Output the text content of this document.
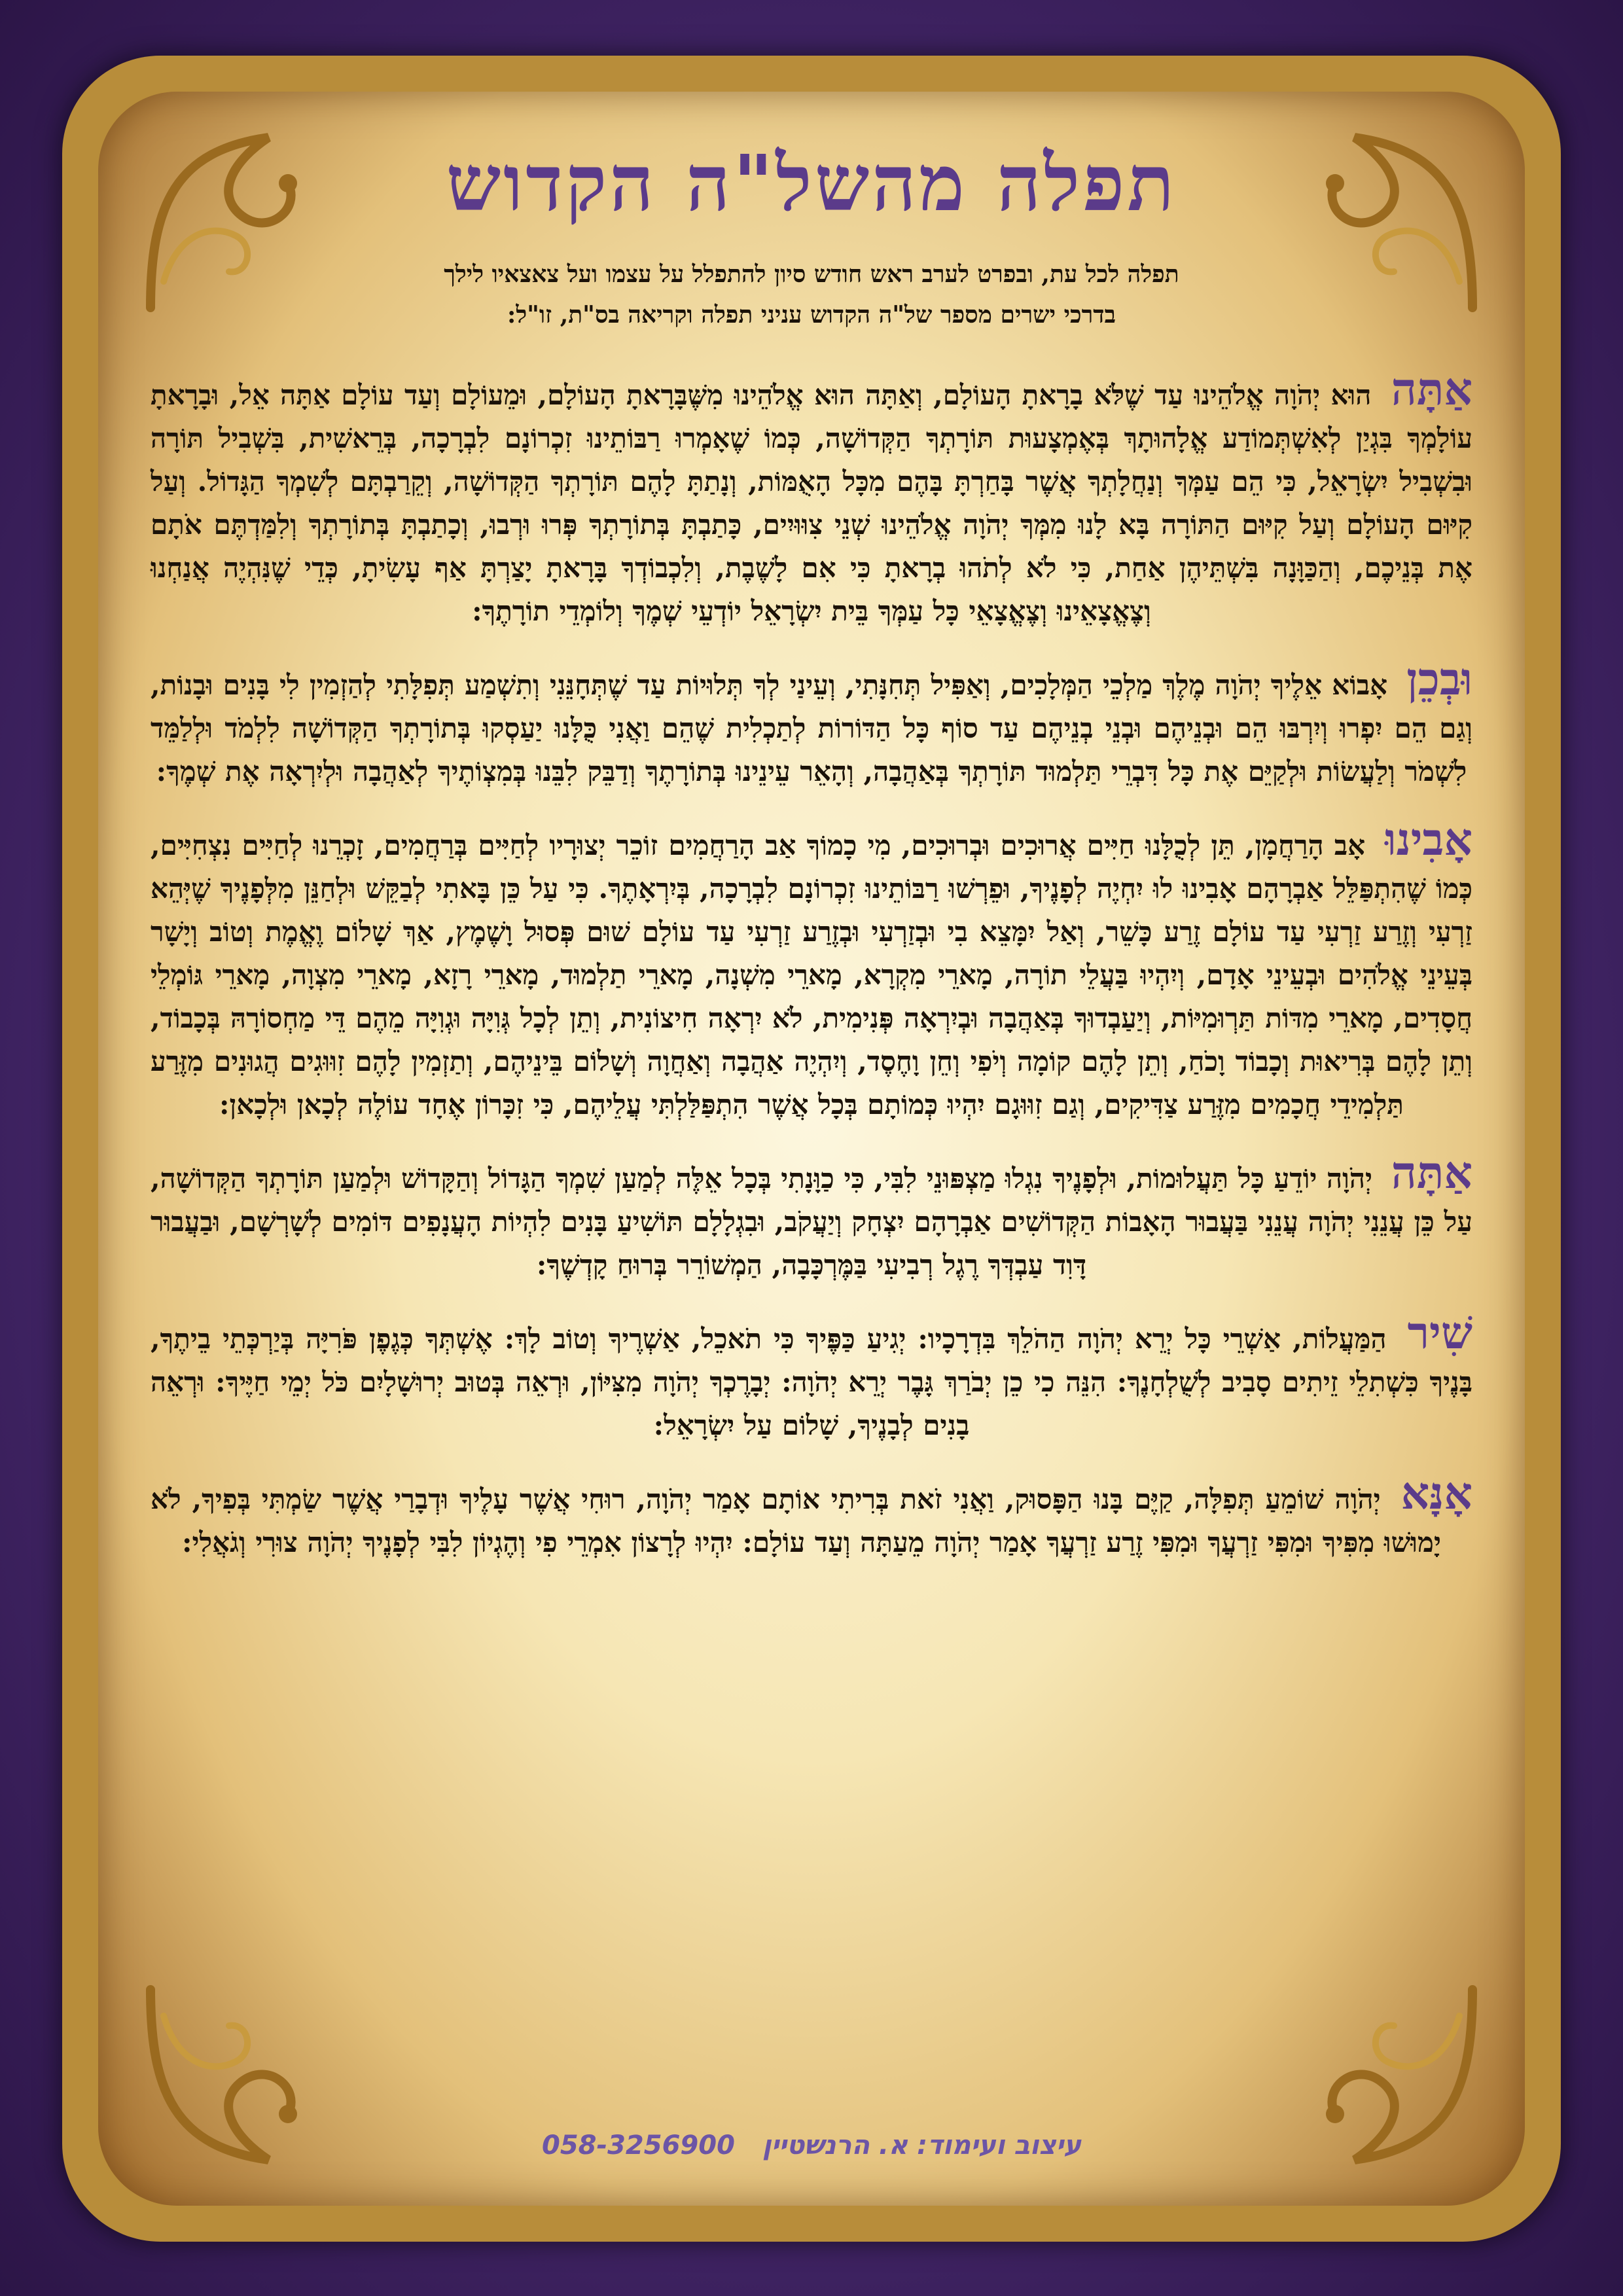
תפלה מהשל"ה הקדוש
תפלה לכל עת, ובפרט לערב ראש חודש סיון להתפלל על עצמו ועל צאצאיו לילך
בדרכי ישרים מספר של"ה הקדוש עניני תפלה וקריאה בס"ת, זו"ל:

אַתָּה הוּא יְהֹוָה אֱלֹהֵינוּ עַד שֶׁלֹּא בָרָאתָ הָעוֹלָם, וְאַתָּה הוּא אֱלֹהֵינוּ מִשֶּׁבָּרָאתָ הָעוֹלָם, וּמֵעוֹלָם וְעַד עוֹלָם אַתָּה אֵל, וּבָרָאתָ עוֹלָמְךָ בִּגְיַן לְאִשְׁתְּמוֹדַע אֱלָהוּתָךְ בְּאֶמְצָעוּת תּוֹרָתְךָ הַקְּדוֹשָׁה, כְּמוֹ שֶׁאָמְרוּ רַבּוֹתֵינוּ זִכְרוֹנָם לִבְרָכָה, בְּרֵאשִׁית, בִּשְׁבִיל תּוֹרָה וּבִשְׁבִיל יִשְׂרָאֵל, כִּי הֵם עַמְּךָ וְנַחֲלָתְךָ אֲשֶׁר בָּחַרְתָּ בָּהֶם מִכָּל הָאֻמּוֹת, וְנָתַתָּ לָהֶם תּוֹרָתְךָ הַקְּדוֹשָׁה, וְקֵרַבְתָּם לְשִׁמְךָ הַגָּדוֹל. וְעַל קִיּוּם הָעוֹלָם וְעַל קִיּוּם הַתּוֹרָה בָּא לָנוּ מִמְּךָ יְהֹוָה אֱלֹהֵינוּ שְׁנֵי צִוּוּיִים, כָּתַבְתָּ בְּתוֹרָתְךָ פְּרוּ וּרְבוּ, וְכָתַבְתָּ בְּתוֹרָתְךָ וְלִמַּדְתֶּם אֹתָם אֶת בְּנֵיכֶם, וְהַכַּוָּנָה בִּשְׁתֵּיהֶן אַחַת, כִּי לֹא לְתֹהוּ בְרָאתָ כִּי אִם לָשֶׁבֶת, וְלִכְבוֹדְךָ בָּרָאתָ יָצַרְתָּ אַף עָשִׂיתָ, כְּדֵי שֶׁנִּהְיֶה אֲנַחְנוּ וְצֶאֱצָאֵינוּ וְצֶאֱצָאֵי כָּל עַמְּךָ בֵּית יִשְׂרָאֵל יוֹדְעֵי שְׁמֶךָ וְלוֹמְדֵי תוֹרָתֶךָ:

וּבְכֵן אָבוֹא אֵלֶיךָ יְהֹוָה מֶלֶךְ מַלְכֵי הַמְּלָכִים, וְאַפִּיל תְּחִנָּתִי, וְעֵינַי לְךָ תְּלוּיוֹת עַד שֶׁתְּחָנֵּנִי וְתִשְׁמַע תְּפִלָּתִי לְהַזְמִין לִי בָּנִים וּבָנוֹת, וְגַם הֵם יִפְרוּ וְיִרְבּוּ הֵם וּבְנֵיהֶם וּבְנֵי בְנֵיהֶם עַד סוֹף כָּל הַדּוֹרוֹת לְתַכְלִית שֶׁהֵם וַאֲנִי כֻּלָּנוּ יַעַסְקוּ בְּתוֹרָתְךָ הַקְּדוֹשָׁה לִלְמֹד וּלְלַמֵּד לִשְׁמֹר וְלַעֲשׂוֹת וּלְקַיֵּם אֶת כָּל דִּבְרֵי תַּלְמוּד תּוֹרָתְךָ בְּאַהֲבָה, וְהָאֵר עֵינֵינוּ בְּתוֹרָתֶךָ וְדַבֵּק לִבֵּנוּ בְּמִצְוֹתֶיךָ לְאַהֲבָה וּלְיִרְאָה אֶת שְׁמֶךָ:

אָבִינוּ אָב הָרַחֲמָן, תֵּן לְכֻלָּנוּ חַיִּים אֲרוּכִים וּבְרוּכִים, מִי כָמוֹךָ אַב הָרַחֲמִים זוֹכֵר יְצוּרָיו לְחַיִּים בְּרַחֲמִים, זָכְרֵנוּ לְחַיִּים נִצְחִיִּים, כְּמוֹ שֶׁהִתְפַּלֵּל אַבְרָהָם אָבִינוּ לוּ יִחְיֶה לְפָנֶיךָ, וּפֵרְשׁוּ רַבּוֹתֵינוּ זִכְרוֹנָם לִבְרָכָה, בְּיִרְאָתֶךָ. כִּי עַל כֵּן בָּאתִי לְבַקֵּשׁ וּלְחַנֵּן מִלְּפָנֶיךָ שֶׁיְּהֵא זַרְעִי וְזֶרַע זַרְעִי עַד עוֹלָם זֶרַע כָּשֵׁר, וְאַל יִמָּצֵא בִי וּבְזַרְעִי וּבְזֶרַע זַרְעִי עַד עוֹלָם שׁוּם פְּסוּל וָשֶׁמֶץ, אַךְ שָׁלוֹם וֶאֱמֶת וְטוֹב וְיָשָׁר בְּעֵינֵי אֱלֹהִים וּבְעֵינֵי אָדָם, וְיִהְיוּ בַּעֲלֵי תוֹרָה, מָארֵי מִקְרָא, מָארֵי מִשְׁנָה, מָארֵי תַלְמוּד, מָארֵי רָזָא, מָארֵי מִצְוָה, מָארֵי גּוֹמְלֵי חֲסָדִים, מָארֵי מִדּוֹת תַּרְוּמִיּוֹת, וְיַעַבְדוּךָ בְּאַהֲבָה וּבְיִרְאָה פְּנִימִית, לֹא יִרְאָה חִיצוֹנִית, וְתֵן לְכָל גְּוִיָּה וּגְוִיָּה מֵהֶם דֵּי מַחְסוֹרָהּ בְּכָבוֹד, וְתֵן לָהֶם בְּרִיאוּת וְכָבוֹד וָכֹחַ, וְתֵן לָהֶם קוֹמָה וְיֹפִי וְחֵן וָחֶסֶד, וְיִהְיֶה אַהֲבָה וְאַחֲוָה וְשָׁלוֹם בֵּינֵיהֶם, וְתַזְמִין לָהֶם זִוּוּגִים הֲגוּנִים מִזֶּרַע תַּלְמִידֵי חֲכָמִים מִזֶּרַע צַדִּיקִים, וְגַם זִוּוּגָם יִהְיוּ כְּמוֹתָם בְּכָל אֲשֶׁר הִתְפַּלַּלְתִּי עֲלֵיהֶם, כִּי זִכָּרוֹן אֶחָד עוֹלֶה לְכָאן וּלְכָאן:

אַתָּה יְהֹוָה יוֹדֵעַ כָּל תַּעֲלוּמוֹת, וּלְפָנֶיךָ נִגְלוּ מַצְפּוּנֵי לִבִּי, כִּי כַוָּנָתִי בְּכָל אֵלֶּה לְמַעַן שִׁמְךָ הַגָּדוֹל וְהַקָּדוֹשׁ וּלְמַעַן תּוֹרָתְךָ הַקְּדוֹשָׁה, עַל כֵּן עֲנֵנִי יְהֹוָה עֲנֵנִי בַּעֲבוּר הָאָבוֹת הַקְּדוֹשִׁים אַבְרָהָם יִצְחָק וְיַעֲקֹב, וּבִגְלָלָם תּוֹשִׁיעַ בָּנִים לִהְיוֹת הָעֲנָפִים דּוֹמִים לְשָׁרְשָׁם, וּבַעֲבוּר דָּוִד עַבְדְּךָ רֶגֶל רְבִיעִי בַּמֶּרְכָּבָה, הַמְשׁוֹרֵר בְּרוּחַ קָדְשֶׁךָ:

שִׁיר הַמַּעֲלוֹת, אַשְׁרֵי כָּל יְרֵא יְהֹוָה הַהֹלֵךְ בִּדְרָכָיו: יְגִיעַ כַּפֶּיךָ כִּי תֹאכֵל, אַשְׁרֶיךָ וְטוֹב לָךְ: אֶשְׁתְּךָ כְּגֶפֶן פֹּרִיָּה בְּיַרְכְּתֵי בֵיתֶךָ, בָּנֶיךָ כִּשְׁתִלֵי זֵיתִים סָבִיב לְשֻׁלְחָנֶךָ: הִנֵּה כִי כֵן יְבֹרַךְ גָּבֶר יְרֵא יְהֹוָה: יְבָרֶכְךָ יְהֹוָה מִצִּיּוֹן, וּרְאֵה בְּטוּב יְרוּשָׁלָיִם כֹּל יְמֵי חַיֶּיךָ: וּרְאֵה בָנִים לְבָנֶיךָ, שָׁלוֹם עַל יִשְׂרָאֵל:

אָנָּא יְהֹוָה שׁוֹמֵעַ תְּפִלָּה, קַיֶּם בָּנוּ הַפָּסוּק, וַאֲנִי זֹאת בְּרִיתִי אוֹתָם אָמַר יְהֹוָה, רוּחִי אֲשֶׁר עָלֶיךָ וּדְבָרַי אֲשֶׁר שַׂמְתִּי בְּפִיךָ, לֹא יָמוּשׁוּ מִפִּיךָ וּמִפִּי זַרְעֲךָ וּמִפִּי זֶרַע זַרְעֲךָ אָמַר יְהֹוָה מֵעַתָּה וְעַד עוֹלָם: יִהְיוּ לְרָצוֹן אִמְרֵי פִי וְהֶגְיוֹן לִבִּי לְפָנֶיךָ יְהֹוָה צוּרִי וְגֹאֲלִי:

עיצוב ועימוד: א. הרנשטיין 058-3256900
